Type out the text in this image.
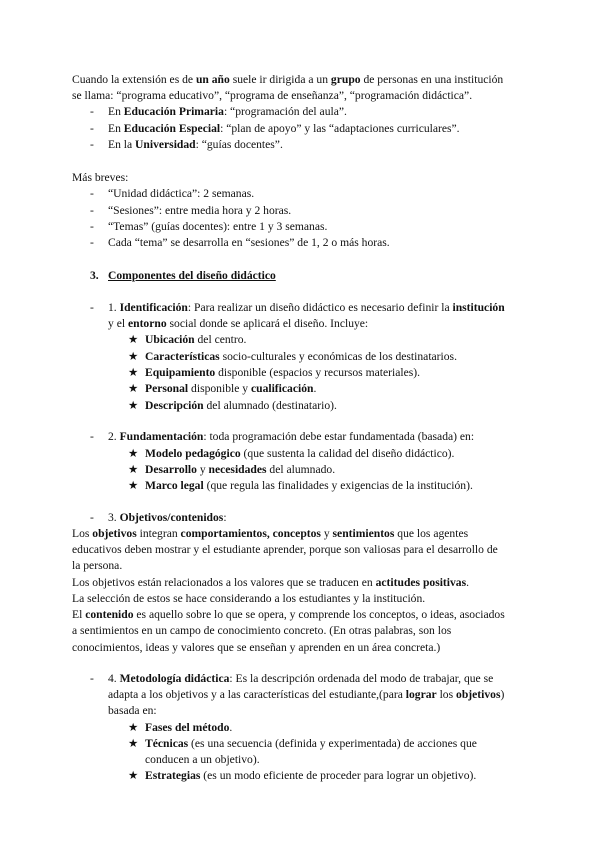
Cuando la extensión es de un año suele ir dirigida a un grupo de personas en una institución
se llama: “programa educativo”, “programa de enseñanza”, “programación didáctica”.
-	En Educación Primaria: “programación del aula”.
-	En Educación Especial: “plan de apoyo” y las “adaptaciones curriculares”.
-	En la Universidad: “guías docentes”.
Más breves:
-	“Unidad didáctica”: 2 semanas.
-	“Sesiones”: entre media hora y 2 horas.
-	“Temas” (guías docentes): entre 1 y 3 semanas.
-	Cada “tema” se desarrolla en “sesiones” de 1, 2 o más horas.
3. Componentes del diseño didáctico
-	1. Identificación: Para realizar un diseño didáctico es necesario definir la institución
y el entorno social donde se aplicará el diseño. Incluye:
★ Ubicación del centro.
★ Características socio-culturales y económicas de los destinatarios.
★ Equipamiento disponible (espacios y recursos materiales).
★ Personal disponible y cualificación.
★ Descripción del alumnado (destinatario).
-	2. Fundamentación: toda programación debe estar fundamentada (basada) en:
★ Modelo pedagógico (que sustenta la calidad del diseño didáctico).
★ Desarrollo y necesidades del alumnado.
★ Marco legal (que regula las finalidades y exigencias de la institución).
-	3. Objetivos/contenidos:
Los objetivos integran comportamientos, conceptos y sentimientos que los agentes
educativos deben mostrar y el estudiante aprender, porque son valiosas para el desarrollo de
la persona.
Los objetivos están relacionados a los valores que se traducen en actitudes positivas.
La selección de estos se hace considerando a los estudiantes y la institución.
El contenido es aquello sobre lo que se opera, y comprende los conceptos, o ideas, asociados
a sentimientos en un campo de conocimiento concreto. (En otras palabras, son los
conocimientos, ideas y valores que se enseñan y aprenden en un área concreta.)
-	4. Metodología didáctica: Es la descripción ordenada del modo de trabajar, que se
adapta a los objetivos y a las características del estudiante,(para lograr los objetivos)
basada en:
★ Fases del método.
★ Técnicas (es una secuencia (definida y experimentada) de acciones que
conducen a un objetivo).
★ Estrategias (es un modo eficiente de proceder para lograr un objetivo).
